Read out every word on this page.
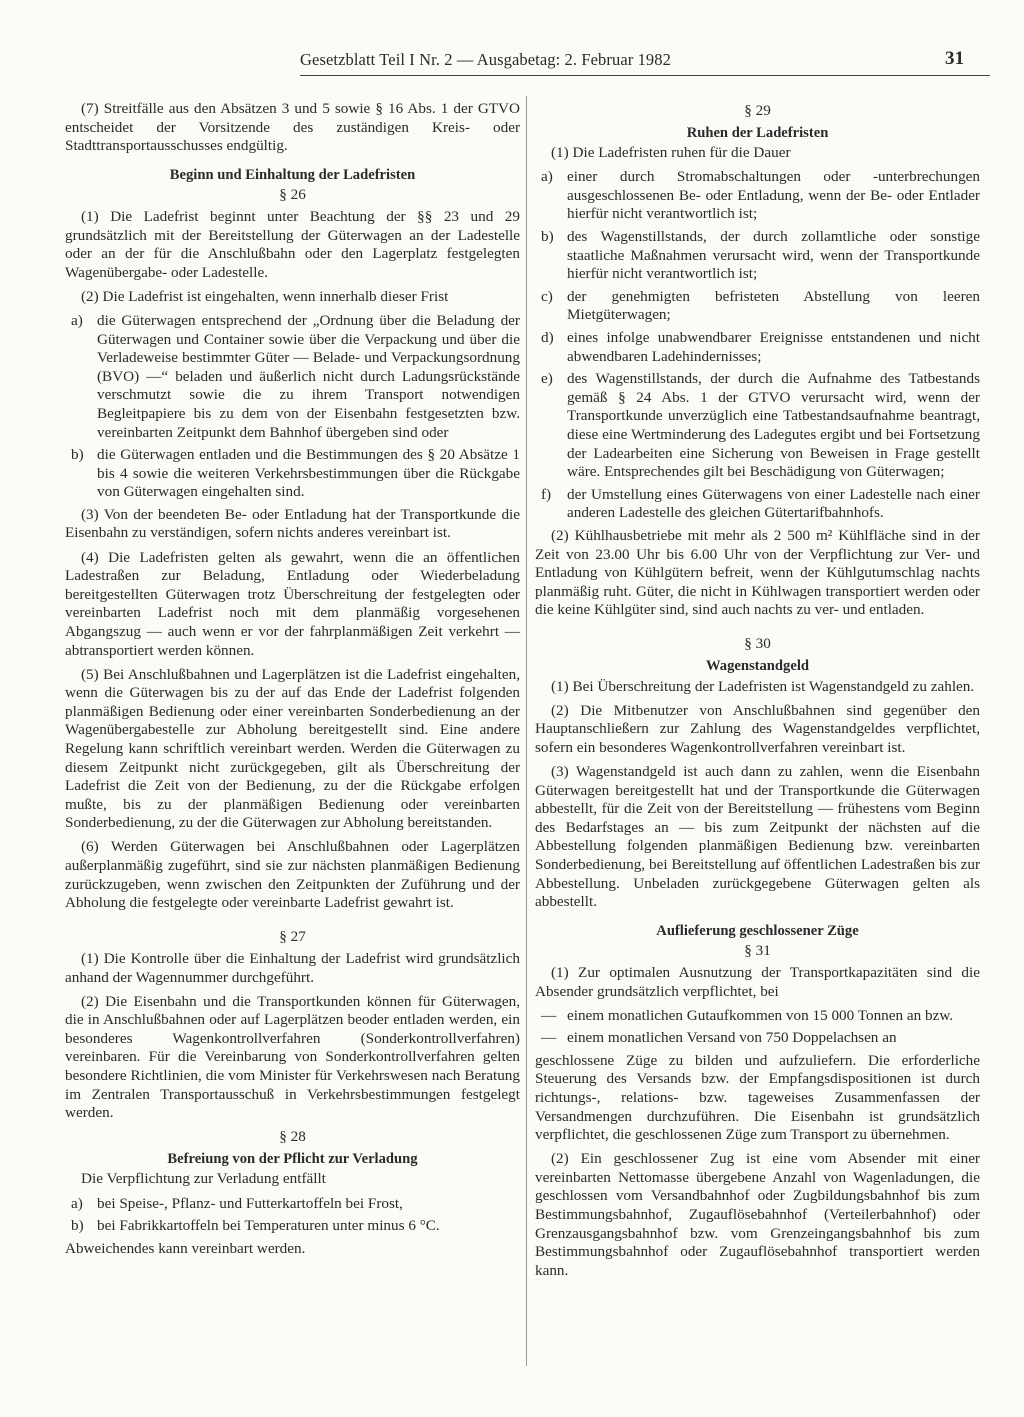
Gesetzblatt Teil I Nr. 2 — Ausgabetag: 2. Februar 1982	31

(7) Streitfälle aus den Absätzen 3 und 5 sowie § 16 Abs. 1 der GTVO entscheidet der Vorsitzende des zuständigen Kreis- oder Stadttransportausschusses endgültig.

Beginn und Einhaltung der Ladefristen
§ 26

(1) Die Ladefrist beginnt unter Beachtung der §§ 23 und 29 grundsätzlich mit der Bereitstellung der Güterwagen an der Ladestelle oder an der für die Anschlußbahn oder den Lagerplatz festgelegten Wagenübergabe- oder Ladestelle.

(2) Die Ladefrist ist eingehalten, wenn innerhalb dieser Frist

a) die Güterwagen entsprechend der „Ordnung über die Beladung der Güterwagen und Container sowie über die Verpackung und über die Verladeweise bestimmter Güter — Belade- und Verpackungsordnung (BVO) —“ beladen und äußerlich nicht durch Ladungsrückstände verschmutzt sowie die zu ihrem Transport notwendigen Begleitpapiere bis zu dem von der Eisenbahn festgesetzten bzw. vereinbarten Zeitpunkt dem Bahnhof übergeben sind oder
b) die Güterwagen entladen und die Bestimmungen des § 20 Absätze 1 bis 4 sowie die weiteren Verkehrsbestimmungen über die Rückgabe von Güterwagen eingehalten sind.

(3) Von der beendeten Be- oder Entladung hat der Transportkunde die Eisenbahn zu verständigen, sofern nichts anderes vereinbart ist.

(4) Die Ladefristen gelten als gewahrt, wenn die an öffentlichen Ladestraßen zur Beladung, Entladung oder Wiederbeladung bereitgestellten Güterwagen trotz Überschreitung der festgelegten oder vereinbarten Ladefrist noch mit dem planmäßig vorgesehenen Abgangszug — auch wenn er vor der fahrplanmäßigen Zeit verkehrt — abtransportiert werden können.

(5) Bei Anschlußbahnen und Lagerplätzen ist die Ladefrist eingehalten, wenn die Güterwagen bis zu der auf das Ende der Ladefrist folgenden planmäßigen Bedienung oder einer vereinbarten Sonderbedienung an der Wagenübergabestelle zur Abholung bereitgestellt sind. Eine andere Regelung kann schriftlich vereinbart werden. Werden die Güterwagen zu diesem Zeitpunkt nicht zurückgegeben, gilt als Überschreitung der Ladefrist die Zeit von der Bedienung, zu der die Rückgabe erfolgen mußte, bis zu der planmäßigen Bedienung oder vereinbarten Sonderbedienung, zu der die Güterwagen zur Abholung bereitstanden.

(6) Werden Güterwagen bei Anschlußbahnen oder Lagerplätzen außerplanmäßig zugeführt, sind sie zur nächsten planmäßigen Bedienung zurückzugeben, wenn zwischen den Zeitpunkten der Zuführung und der Abholung die festgelegte oder vereinbarte Ladefrist gewahrt ist.

§ 27

(1) Die Kontrolle über die Einhaltung der Ladefrist wird grundsätzlich anhand der Wagennummer durchgeführt.

(2) Die Eisenbahn und die Transportkunden können für Güterwagen, die in Anschlußbahnen oder auf Lagerplätzen beoder entladen werden, ein besonderes Wagenkontrollverfahren (Sonderkontrollverfahren) vereinbaren. Für die Vereinbarung von Sonderkontrollverfahren gelten besondere Richtlinien, die vom Minister für Verkehrswesen nach Beratung im Zentralen Transportausschuß in Verkehrsbestimmungen festgelegt werden.

§ 28
Befreiung von der Pflicht zur Verladung

Die Verpflichtung zur Verladung entfällt

a) bei Speise-, Pflanz- und Futterkartoffeln bei Frost,
b) bei Fabrikkartoffeln bei Temperaturen unter minus 6 °C.

Abweichendes kann vereinbart werden.

§ 29
Ruhen der Ladefristen

(1) Die Ladefristen ruhen für die Dauer

a) einer durch Stromabschaltungen oder -unterbrechungen ausgeschlossenen Be- oder Entladung, wenn der Be- oder Entlader hierfür nicht verantwortlich ist;
b) des Wagenstillstands, der durch zollamtliche oder sonstige staatliche Maßnahmen verursacht wird, wenn der Transportkunde hierfür nicht verantwortlich ist;
c) der genehmigten befristeten Abstellung von leeren Mietgüterwagen;
d) eines infolge unabwendbarer Ereignisse entstandenen und nicht abwendbaren Ladehindernisses;
e) des Wagenstillstands, der durch die Aufnahme des Tatbestands gemäß § 24 Abs. 1 der GTVO verursacht wird, wenn der Transportkunde unverzüglich eine Tatbestandsaufnahme beantragt, diese eine Wertminderung des Ladegutes ergibt und bei Fortsetzung der Ladearbeiten eine Sicherung von Beweisen in Frage gestellt wäre. Entsprechendes gilt bei Beschädigung von Güterwagen;
f)	der Umstellung eines Güterwagens von einer Ladestelle nach einer anderen Ladestelle des gleichen Gütertarifbahnhofs.

(2) Kühlhausbetriebe mit mehr als 2 500 m² Kühlfläche sind in der Zeit von 23.00 Uhr bis 6.00 Uhr von der Verpflichtung zur Ver- und Entladung von Kühlgütern befreit, wenn der Kühlgutumschlag nachts planmäßig ruht. Güter, die nicht in Kühlwagen transportiert werden oder die keine Kühlgüter sind, sind auch nachts zu ver- und entladen.

§ 30
Wagenstandgeld

(1) Bei Überschreitung der Ladefristen ist Wagenstandgeld zu zahlen.

(2) Die Mitbenutzer von Anschlußbahnen sind gegenüber den Hauptanschließern zur Zahlung des Wagenstandgeldes verpflichtet, sofern ein besonderes Wagenkontrollverfahren vereinbart ist.

(3) Wagenstandgeld ist auch dann zu zahlen, wenn die Eisenbahn Güterwagen bereitgestellt hat und der Transportkunde die Güterwagen abbestellt, für die Zeit von der Bereitstellung — frühestens vom Beginn des Bedarfstages an — bis zum Zeitpunkt der nächsten auf die Abbestellung folgenden planmäßigen Bedienung bzw. vereinbarten Sonderbedienung, bei Bereitstellung auf öffentlichen Ladestraßen bis zur Abbestellung. Unbeladen zurückgegebene Güterwagen gelten als abbestellt.

Auflieferung geschlossener Züge
§ 31

(1) Zur optimalen Ausnutzung der Transportkapazitäten sind die Absender grundsätzlich verpflichtet, bei

— einem monatlichen Gutaufkommen von 15 000 Tonnen an bzw.
— einem monatlichen Versand von 750 Doppelachsen an

geschlossene Züge zu bilden und aufzuliefern. Die erforderliche Steuerung des Versands bzw. der Empfangsdispositionen ist durch richtungs-, relations- bzw. tageweises Zusammenfassen der Versandmengen durchzuführen. Die Eisenbahn ist grundsätzlich verpflichtet, die geschlossenen Züge zum Transport zu übernehmen.

(2) Ein geschlossener Zug ist eine vom Absender mit einer vereinbarten Nettomasse übergebene Anzahl von Wagenladungen, die geschlossen vom Versandbahnhof oder Zugbildungsbahnhof bis zum Bestimmungsbahnhof, Zugauflösebahnhof (Verteilerbahnhof) oder Grenzausgangsbahnhof bzw. vom Grenzeingangsbahnhof bis zum Bestimmungsbahnhof oder Zugauflösebahnhof transportiert werden kann.
